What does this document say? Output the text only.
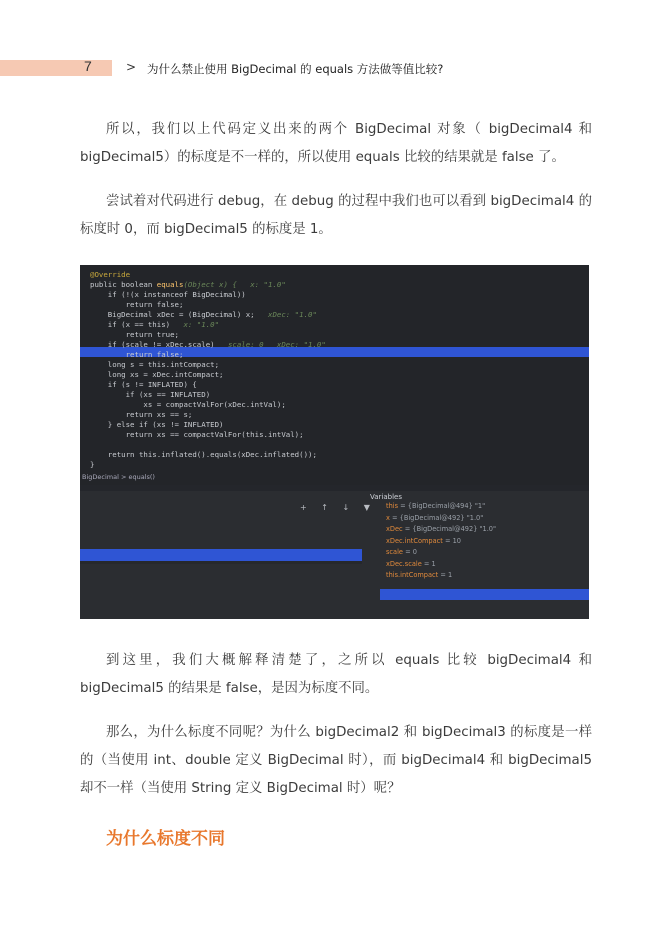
7	> 为什么禁止使用 BigDecimal 的 equals 方法做等值比较?

所以，我们以上代码定义出来的两个 BigDecimal 对象（ bigDecimal4 和 bigDecimal5）的标度是不一样的，所以使用 equals 比较的结果就是 false 了。

尝试着对代码进行 debug，在 debug 的过程中我们也可以看到 bigDecimal4 的标度时 0，而 bigDecimal5 的标度是 1。

@Override
public boolean equals(Object x) {   x: "1.0"
if (!(x instanceof BigDecimal))
return false;
BigDecimal xDec = (BigDecimal) x;   xDec: "1.0"
if (x == this)   x: "1.0"
return true;
if (scale != xDec.scale)   scale: 0   xDec: "1.0"
return false;
long s = this.intCompact;
long xs = xDec.intCompact;
if (s != INFLATED) {
if (xs == INFLATED)
xs = compactValFor(xDec.intVal);
return xs == s;
} else if (xs != INFLATED)
return xs == compactValFor(this.intVal);
return this.inflated().equals(xDec.inflated());
}
BigDecimal > equals()
+ ↑ ↓ ▼
Variables
this = {BigDecimal@494} "1"
x = {BigDecimal@492} "1.0"
xDec = {BigDecimal@492} "1.0"
xDec.intCompact = 10
scale = 0
xDec.scale = 1
this.intCompact = 1

到这里，我们大概解释清楚了，之所以 equals 比较 bigDecimal4 和 bigDecimal5 的结果是 false，是因为标度不同。

那么，为什么标度不同呢？为什么 bigDecimal2 和 bigDecimal3 的标度是一样的（当使用 int、double 定义 BigDecimal 时），而 bigDecimal4 和 bigDecimal5 却不一样（当使用 String 定义 BigDecimal 时）呢？

为什么标度不同
